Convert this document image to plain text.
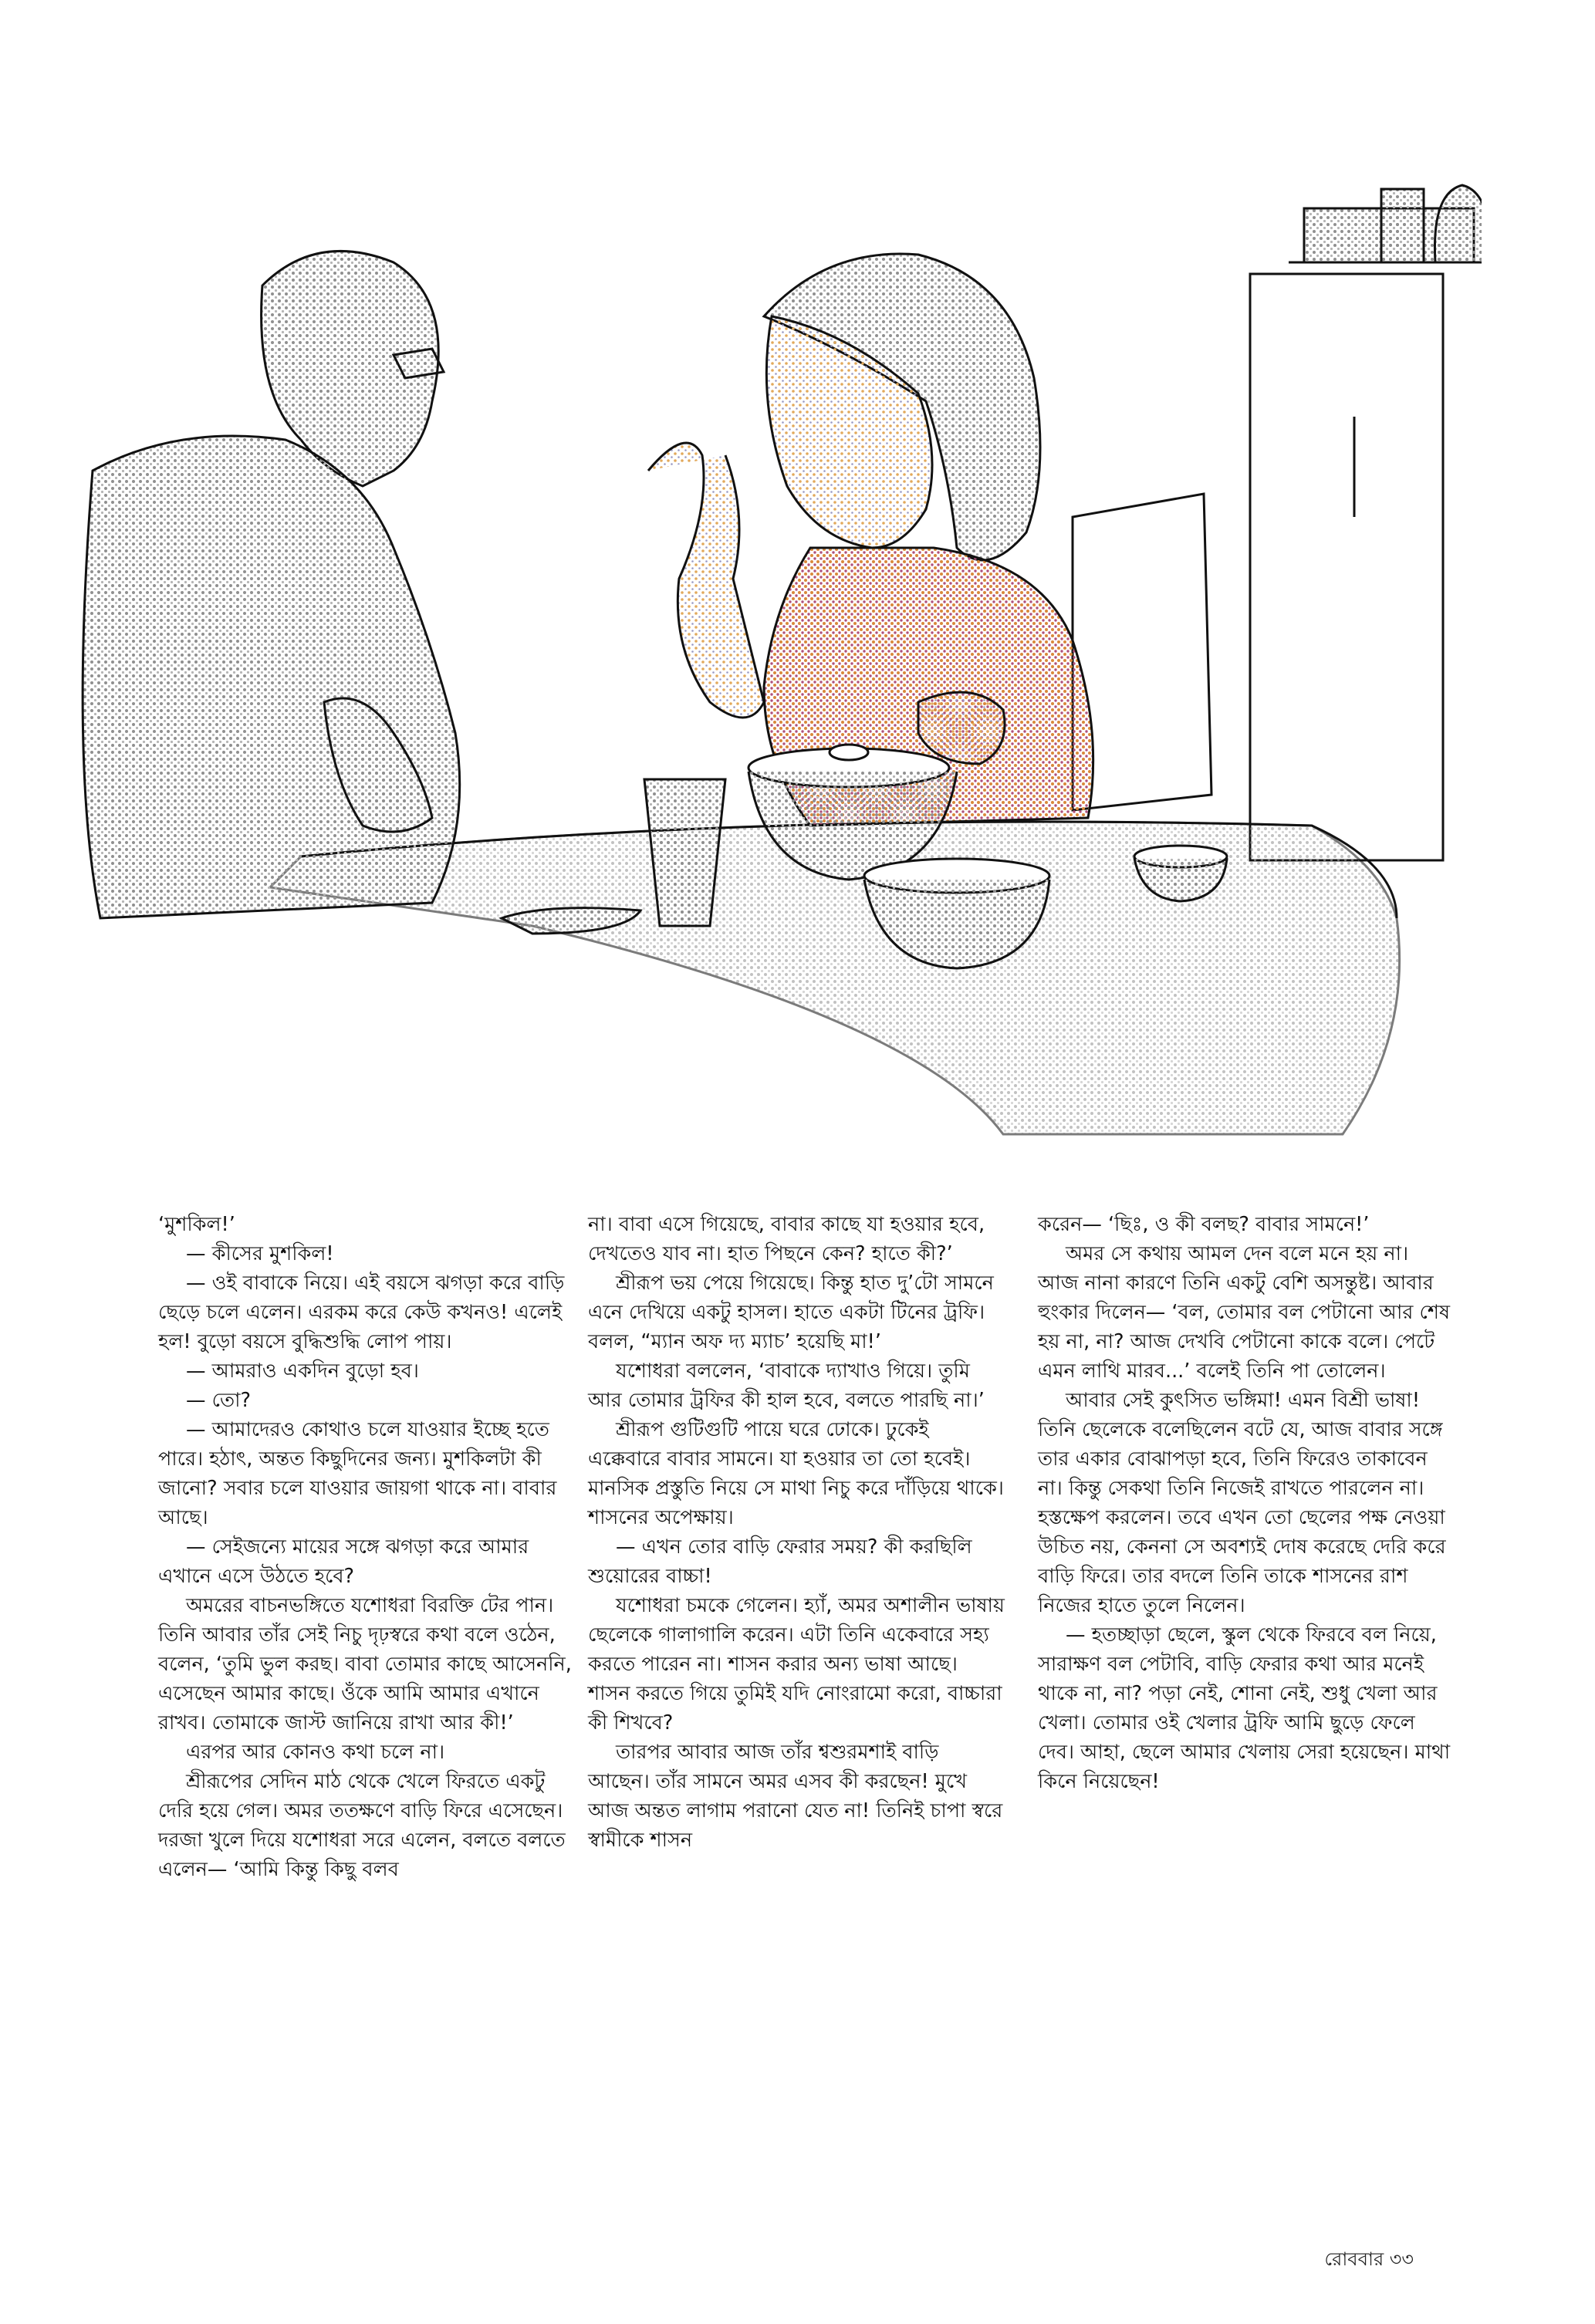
‘মুশকিল!’

— কীসের মুশকিল!

— ওই বাবাকে নিয়ে। এই বয়সে ঝগড়া করে বাড়ি ছেড়ে চলে এলেন। এরকম করে কেউ কখনও! এলেই হল! বুড়ো বয়সে বুদ্ধিশুদ্ধি লোপ পায়।

— আমরাও একদিন বুড়ো হব।

— তো?

— আমাদেরও কোথাও চলে যাওয়ার ইচ্ছে হতে পারে। হঠাৎ, অন্তত কিছুদিনের জন্য। মুশকিলটা কী জানো? সবার চলে যাওয়ার জায়গা থাকে না। বাবার আছে।

— সেইজন্যে মায়ের সঙ্গে ঝগড়া করে আমার এখানে এসে উঠতে হবে?

অমরের বাচনভঙ্গিতে যশোধরা বিরক্তি টের পান। তিনি আবার তাঁর সেই নিচু দৃঢ়স্বরে কথা বলে ওঠেন, বলেন, ‘তুমি ভুল করছ। বাবা তোমার কাছে আসেননি, এসেছেন আমার কাছে। ওঁকে আমি আমার এখানে রাখব। তোমাকে জাস্ট জানিয়ে রাখা আর কী!’

এরপর আর কোনও কথা চলে না।

শ্রীরূপের সেদিন মাঠ থেকে খেলে ফিরতে একটু দেরি হয়ে গেল। অমর ততক্ষণে বাড়ি ফিরে এসেছেন। দরজা খুলে দিয়ে যশোধরা সরে এলেন, বলতে বলতে এলেন— ‘আমি কিন্তু কিছু বলব

না। বাবা এসে গিয়েছে, বাবার কাছে যা হওয়ার হবে, দেখতেও যাব না। হাত পিছনে কেন? হাতে কী?’

শ্রীরূপ ভয় পেয়ে গিয়েছে। কিন্তু হাত দু’টো সামনে এনে দেখিয়ে একটু হাসল। হাতে একটা টিনের ট্রফি। বলল, “ম্যান অফ দ্য ম্যাচ’ হয়েছি মা!’

যশোধরা বললেন, ‘বাবাকে দ্যাখাও গিয়ে। তুমি আর তোমার ট্রফির কী হাল হবে, বলতে পারছি না।’

শ্রীরূপ গুটিগুটি পায়ে ঘরে ঢোকে। ঢুকেই এক্কেবারে বাবার সামনে। যা হওয়ার তা তো হবেই। মানসিক প্রস্তুতি নিয়ে সে মাথা নিচু করে দাঁড়িয়ে থাকে। শাসনের অপেক্ষায়।

— এখন তোর বাড়ি ফেরার সময়? কী করছিলি শুয়োরের বাচ্চা!

যশোধরা চমকে গেলেন। হ্যাঁ, অমর অশালীন ভাষায় ছেলেকে গালাগালি করেন। এটা তিনি একেবারে সহ্য করতে পারেন না। শাসন করার অন্য ভাষা আছে। শাসন করতে গিয়ে তুমিই যদি নোংরামো করো, বাচ্চারা কী শিখবে?

তারপর আবার আজ তাঁর শ্বশুরমশাই বাড়ি আছেন। তাঁর সামনে অমর এসব কী করছেন! মুখে আজ অন্তত লাগাম পরানো যেত না! তিনিই চাপা স্বরে স্বামীকে শাসন

করেন— ‘ছিঃ, ও কী বলছ? বাবার সামনে!’

অমর সে কথায় আমল দেন বলে মনে হয় না। আজ নানা কারণে তিনি একটু বেশি অসন্তুষ্ট। আবার হুংকার দিলেন— ‘বল, তোমার বল পেটানো আর শেষ হয় না, না? আজ দেখবি পেটানো কাকে বলে। পেটে এমন লাথি মারব...’ বলেই তিনি পা তোলেন।

আবার সেই কুৎসিত ভঙ্গিমা! এমন বিশ্রী ভাষা! তিনি ছেলেকে বলেছিলেন বটে যে, আজ বাবার সঙ্গে তার একার বোঝাপড়া হবে, তিনি ফিরেও তাকাবেন না। কিন্তু সেকথা তিনি নিজেই রাখতে পারলেন না। হস্তক্ষেপ করলেন। তবে এখন তো ছেলের পক্ষ নেওয়া উচিত নয়, কেননা সে অবশ্যই দোষ করেছে দেরি করে বাড়ি ফিরে। তার বদলে তিনি তাকে শাসনের রাশ নিজের হাতে তুলে নিলেন।

— হতচ্ছাড়া ছেলে, স্কুল থেকে ফিরবে বল নিয়ে, সারাক্ষণ বল পেটাবি, বাড়ি ফেরার কথা আর মনেই থাকে না, না? পড়া নেই, শোনা নেই, শুধু খেলা আর খেলা। তোমার ওই খেলার ট্রফি আমি ছুড়ে ফেলে দেব। আহা, ছেলে আমার খেলায় সেরা হয়েছেন। মাথা কিনে নিয়েছেন!

রোববার ৩৩
